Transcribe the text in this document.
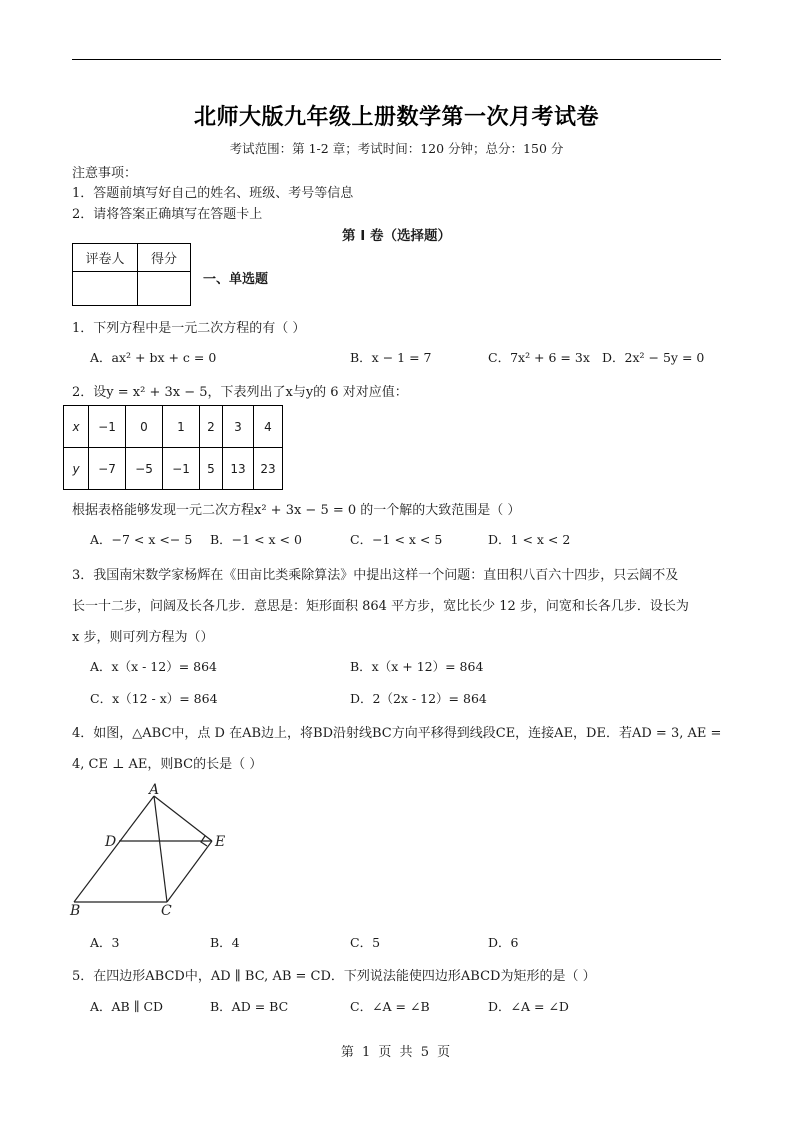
北师大版九年级上册数学第一次月考试卷
考试范围：第 1-2 章；考试时间：120 分钟；总分：150 分
注意事项：
1．答题前填写好自己的姓名、班级、考号等信息
2．请将答案正确填写在答题卡上
第 I 卷（选择题）
评卷人	得分

一、单选题
1．下列方程中是一元二次方程的有（ ）
A．ax² + bx + c = 0	B．x − 1 = 7	C．7x² + 6 = 3x D．2x² − 5y = 0
2．设y = x² + 3x − 5，下表列出了x与y的 6 对对应值：
x	−1	0	1	2	3	4
y	−7	−5	−1	5	13	23
根据表格能够发现一元二次方程x² + 3x − 5 = 0 的一个解的大致范围是（ ）
A．−7 < x <− 5 B．−1 < x < 0	C．−1 < x < 5	D．1 < x < 2
3．我国南宋数学家杨辉在《田亩比类乘除算法》中提出这样一个问题：直田积八百六十四步，只云阔不及
长一十二步，问阔及长各几步．意思是：矩形面积 864 平方步，宽比长少 12 步，问宽和长各几步．设长为
x 步，则可列方程为（）
A．x（x - 12）= 864	B．x（x + 12）= 864
C．x（12 - x）= 864	D．2（2x - 12）= 864
4．如图，△ABC中，点 D 在AB边上，将BD沿射线BC方向平移得到线段CE，连接AE，DE．若AD = 3, AE =
4, CE ⊥ AE，则BC的长是（ ）
A
D	E
B	C
A．3	B．4	C．5	D．6
5．在四边形ABCD中，AD ∥ BC, AB = CD．下列说法能使四边形ABCD为矩形的是（ ）
A．AB ∥ CD	B．AD = BC	C．∠A = ∠B	D．∠A = ∠D
第 1 页 共 5 页
